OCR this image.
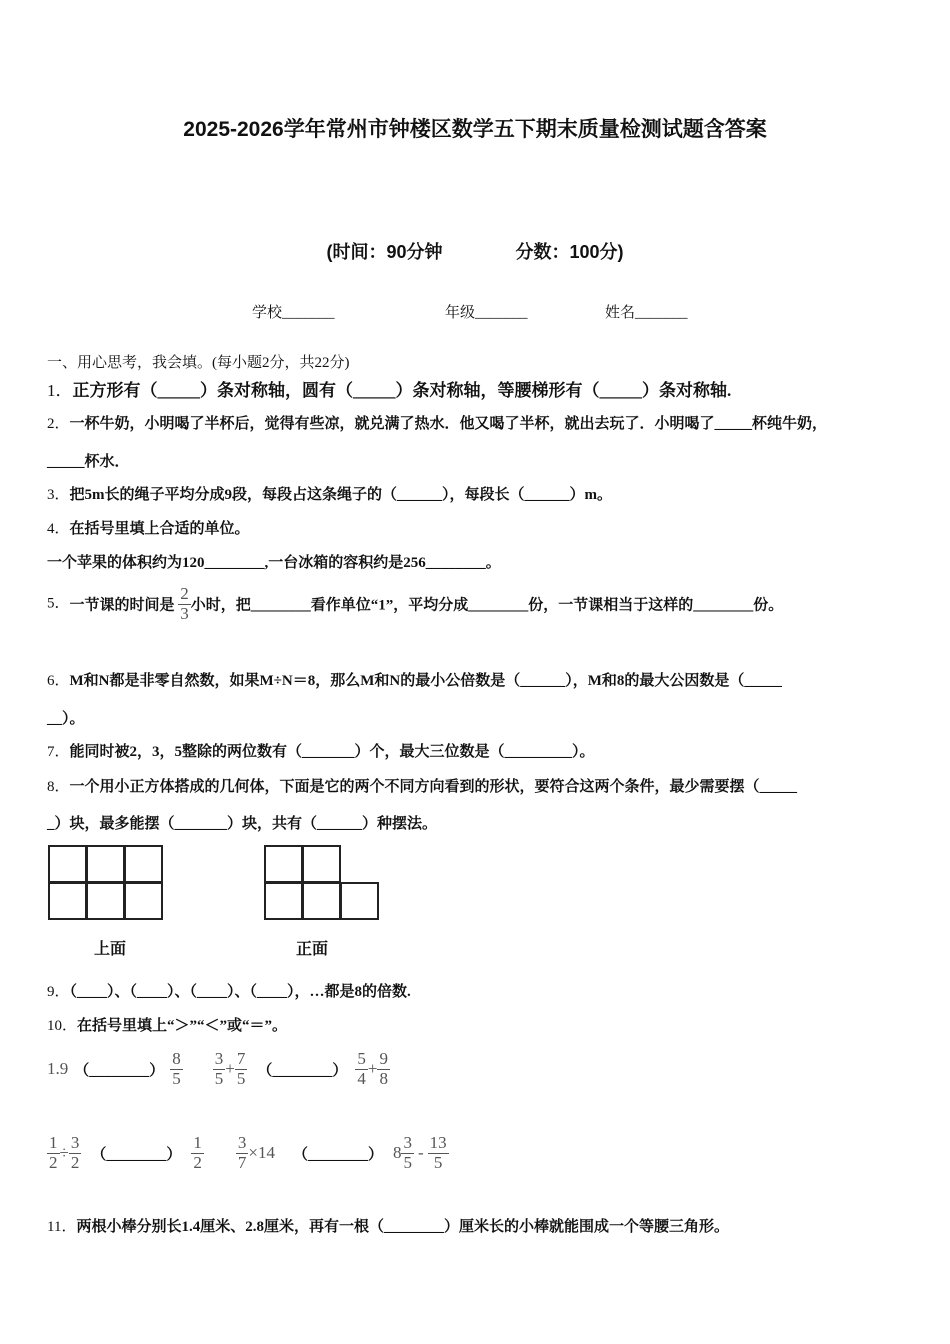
2025-2026学年常州市钟楼区数学五下期末质量检测试题含答案
(时间：90分钟	分数：100分)
学校_______	年级_______	姓名_______
一、用心思考，我会填。(每小题2分，共22分)
1．正方形有（_____）条对称轴，圆有（_____）条对称轴，等腰梯形有（_____）条对称轴.
2．一杯牛奶，小明喝了半杯后，觉得有些凉，就兑满了热水．他又喝了半杯，就出去玩了．小明喝了_____杯纯牛奶，
_____杯水．
3．把5m长的绳子平均分成9段，每段占这条绳子的（______），每段长（______）m。
4．在括号里填上合适的单位。
一个苹果的体积约为120________,一台冰箱的容积约是256________。
5．一节课的时间是 $\frac{2}{3}$ 小时，把________看作单位“1”，平均分成________份，一节课相当于这样的________份。
6．M和N都是非零自然数，如果M÷N＝8，那么M和N的最小公倍数是（______），M和8的最大公因数是（_____
__）。
7．能同时被2，3，5整除的两位数有（_______）个，最大三位数是（_________）。
8．一个用小正方体搭成的几何体，下面是它的两个不同方向看到的形状，要符合这两个条件，最少需要摆（_____
_）块，最多能摆（_______）块，共有（______）种摆法。
上面	正面
9．（____）、（____）、（____）、（____），…都是8的倍数.
10．在括号里填上“＞”“＜”或“＝”。
1.9 （________） $\frac{8}{5} \frac{3}{5} + \frac{7}{5}$ （________） $\frac{5}{4} + \frac{9}{8}$
$\frac{1}{2} \div \frac{3}{2}$ （________） $\frac{1}{2} \frac{3}{7} \times 14$ （________） $8 \frac{3}{5} - \frac{13}{5}$
11．两根小棒分别长1.4厘米、2.8厘米，再有一根（________）厘米长的小棒就能围成一个等腰三角形。
